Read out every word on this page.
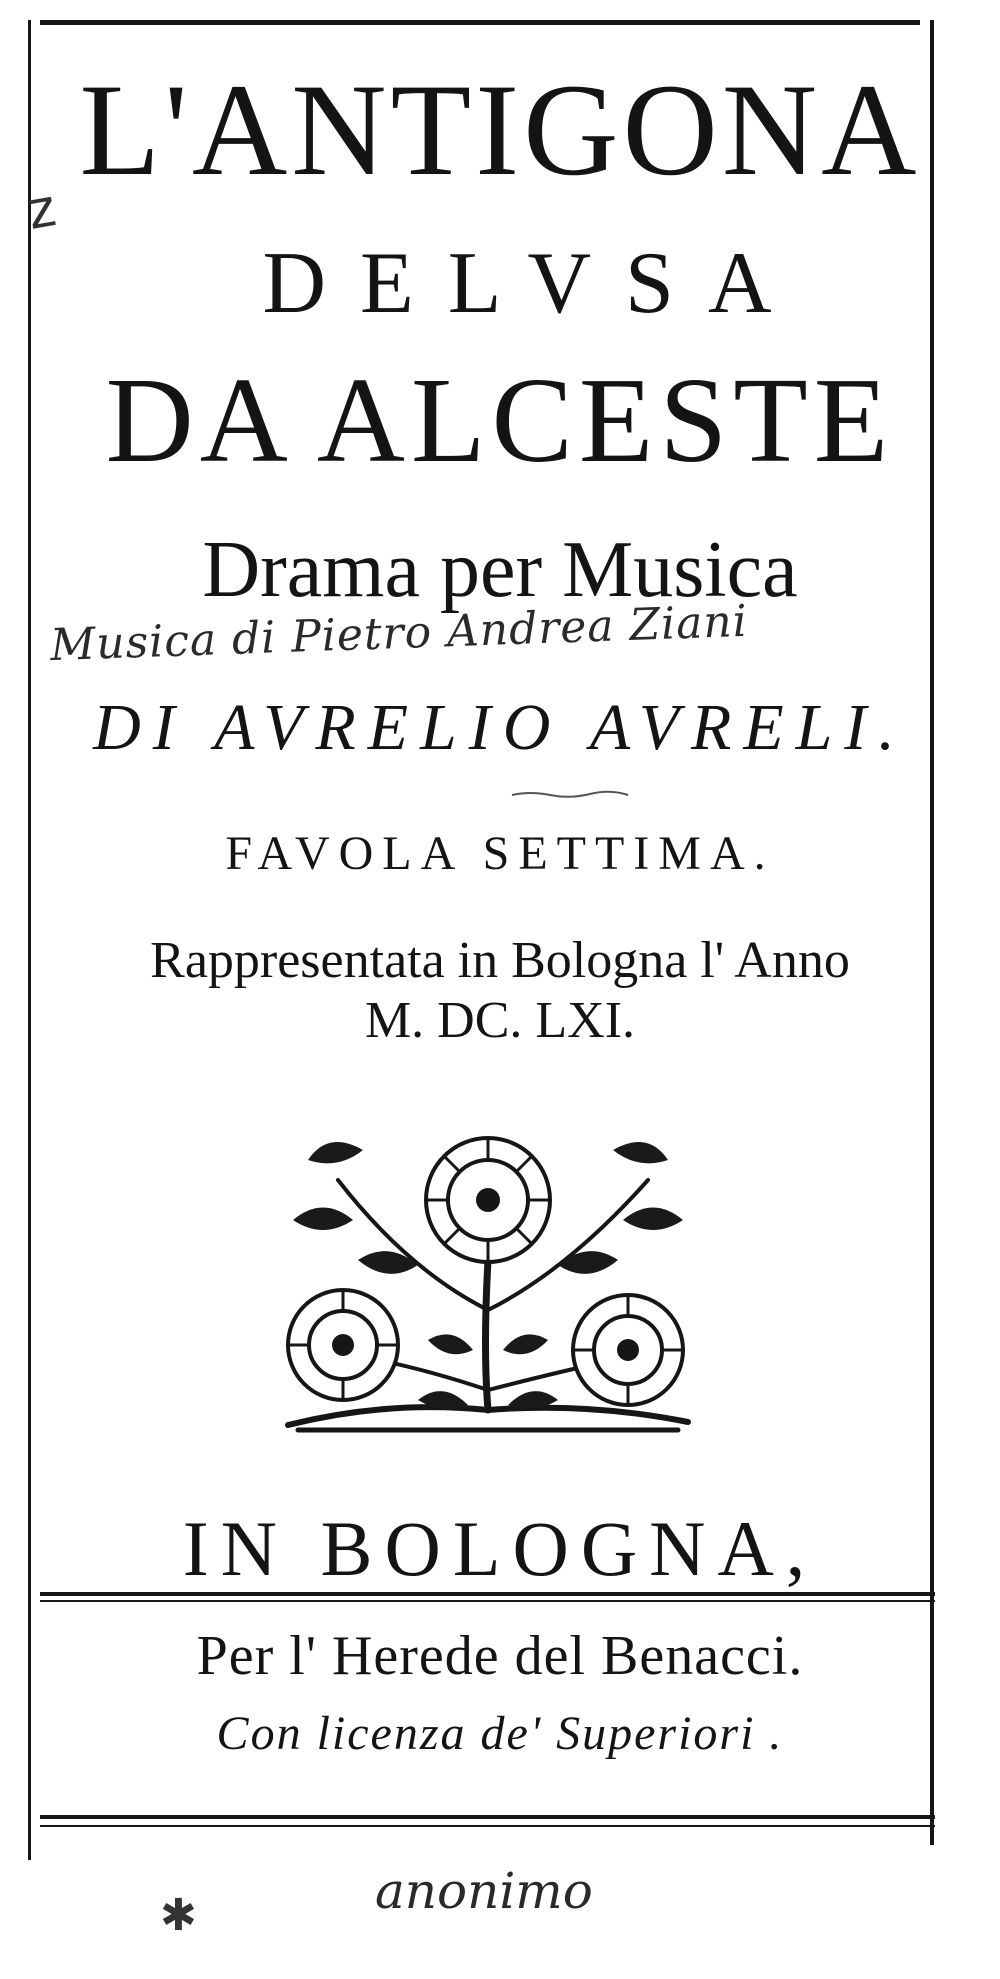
z
L'ANTIGONA
DELVSA
DA ALCESTE
Drama per Musica
Musica di Pietro Andrea Ziani
DI AVRELIO AVRELI.
FAVOLA SETTIMA.
Rappresentata in Bologna l' Anno
M. DC. LXI.
IN BOLOGNA,
Per l' Herede del Benacci.
Con licenza de' Superiori .
✱	anonimo
